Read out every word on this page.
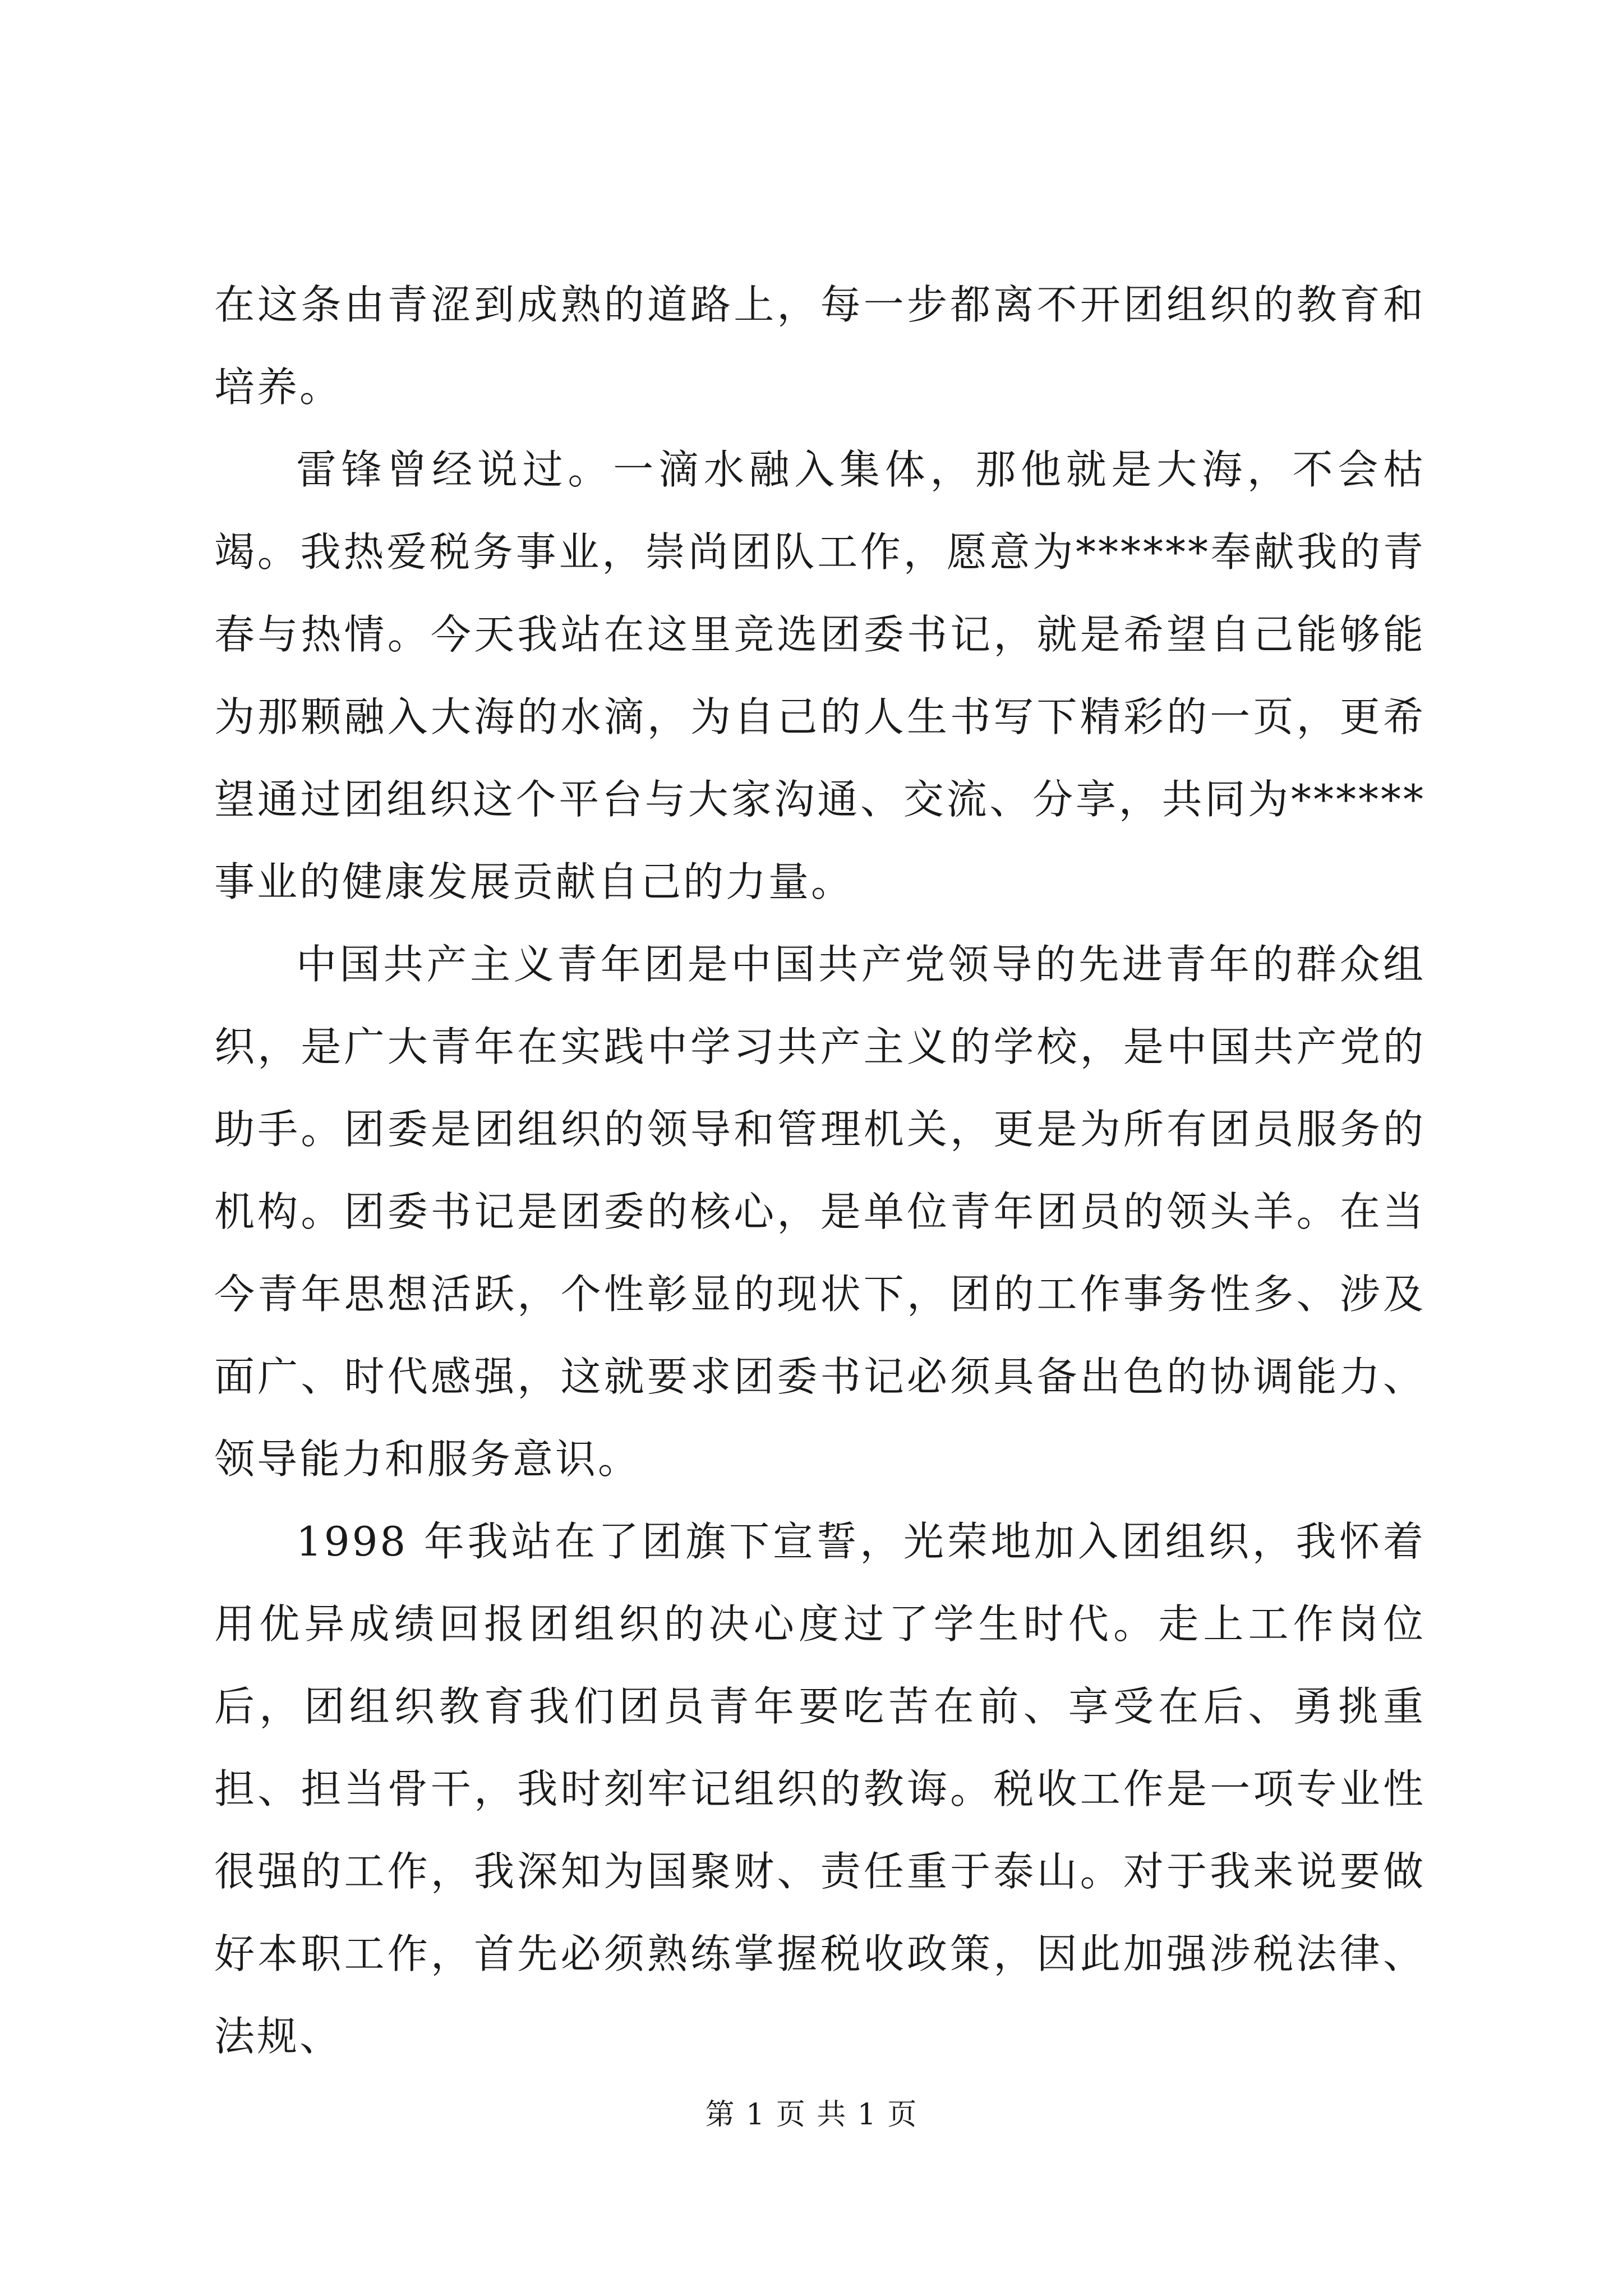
在这条由青涩到成熟的道路上，每一步都离不开团组织的教育和培养。

雷锋曾经说过。一滴水融入集体，那他就是大海，不会枯竭。我热爱税务事业，崇尚团队工作，愿意为******奉献我的青春与热情。今天我站在这里竞选团委书记，就是希望自己能够能为那颗融入大海的水滴，为自己的人生书写下精彩的一页，更希望通过团组织这个平台与大家沟通、交流、分享，共同为******事业的健康发展贡献自己的力量。

中国共产主义青年团是中国共产党领导的先进青年的群众组织，是广大青年在实践中学习共产主义的学校，是中国共产党的助手。团委是团组织的领导和管理机关，更是为所有团员服务的机构。团委书记是团委的核心，是单位青年团员的领头羊。在当今青年思想活跃，个性彰显的现状下，团的工作事务性多、涉及面广、时代感强，这就要求团委书记必须具备出色的协调能力、领导能力和服务意识。

1998 年我站在了团旗下宣誓，光荣地加入团组织，我怀着用优异成绩回报团组织的决心度过了学生时代。走上工作岗位后，团组织教育我们团员青年要吃苦在前、享受在后、勇挑重担、担当骨干，我时刻牢记组织的教诲。税收工作是一项专业性很强的工作，我深知为国聚财、责任重于泰山。对于我来说要做好本职工作，首先必须熟练掌握税收政策，因此加强涉税法律、法规、

第 1 页 共 1 页
